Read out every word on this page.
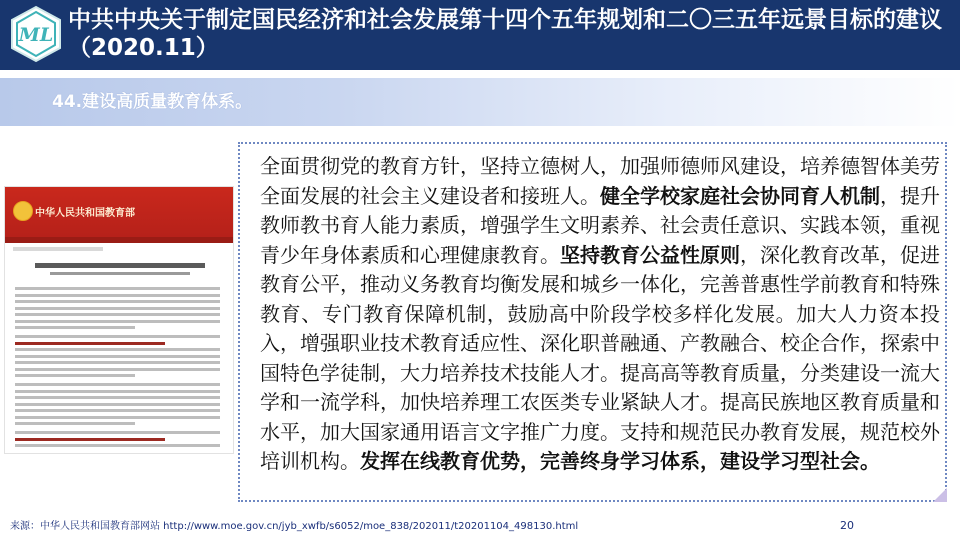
ML
中共中央关于制定国民经济和社会发展第十四个五年规划和二〇三五年远景目标的建议（2020.11）
44.建设高质量教育体系。
中华人民共和国教育部
全面贯彻党的教育方针，坚持立德树人，加强师德师风建设，培养德智体美劳全面发展的社会主义建设者和接班人。健全学校家庭社会协同育人机制，提升教师教书育人能力素质，增强学生文明素养、社会责任意识、实践本领，重视青少年身体素质和心理健康教育。坚持教育公益性原则，深化教育改革，促进教育公平，推动义务教育均衡发展和城乡一体化，完善普惠性学前教育和特殊教育、专门教育保障机制，鼓励高中阶段学校多样化发展。加大人力资本投入，增强职业技术教育适应性、深化职普融通、产教融合、校企合作，探索中国特色学徒制，大力培养技术技能人才。提高高等教育质量，分类建设一流大学和一流学科，加快培养理工农医类专业紧缺人才。提高民族地区教育质量和水平，加大国家通用语言文字推广力度。支持和规范民办教育发展，规范校外培训机构。发挥在线教育优势，完善终身学习体系，建设学习型社会。
来源：中华人民共和国教育部网站 http://www.moe.gov.cn/jyb_xwfb/s6052/moe_838/202011/t20201104_498130.html	20
